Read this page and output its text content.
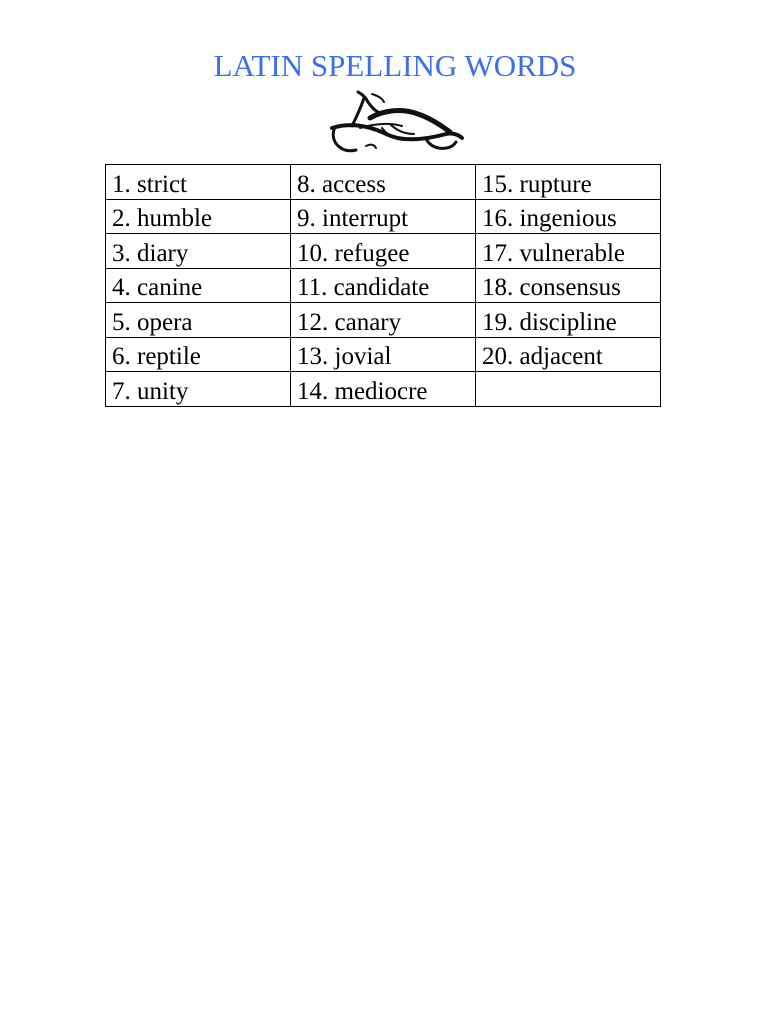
LATIN SPELLING WORDS
1. strict	8. access	15. rupture
2. humble	9. interrupt	16. ingenious
3. diary	10. refugee	17. vulnerable
4. canine	11. candidate	18. consensus
5. opera	12. canary	19. discipline
6. reptile	13. jovial	20. adjacent
7. unity	14. mediocre	
